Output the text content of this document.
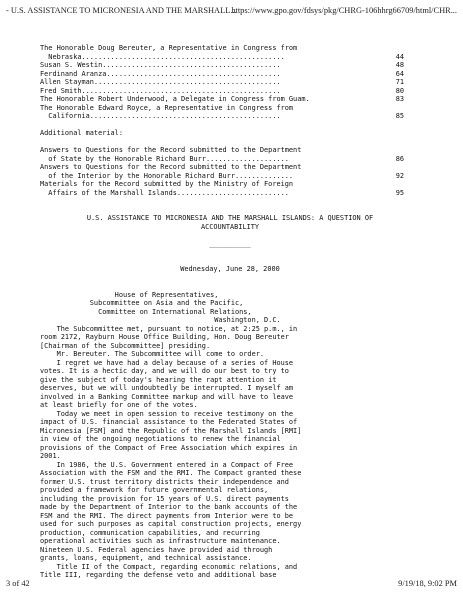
- U.S. ASSISTANCE TO MICRONESIA AND THE MARSHALL...
https://www.gpo.gov/fdsys/pkg/CHRG-106hhrg66709/html/CHR...
The Honorable Doug Bereuter, a Representative in Congress from
Nebraska.................................................	44
Susan S. Westin...........................................	48
Ferdinand Aranza..........................................	64
Allen Stayman.............................................	71
Fred Smith................................................	80
The Honorable Robert Underwood, a Delegate in Congress from Guam.	83
The Honorable Edward Royce, a Representative in Congress from
California..............................................	85
Additional material:
Answers to Questions for the Record submitted to the Department
of State by the Honorable Richard Burr....................	86
Answers to Questions for the Record submitted to the Department
of the Interior by the Honorable Richard Burr..............	92
Materials for the Record submitted by the Ministry of Foreign
Affairs of the Marshall Islands...........................	95
U.S. ASSISTANCE TO MICRONESIA AND THE MARSHALL ISLANDS: A QUESTION OF
ACCOUNTABILITY
__________
Wednesday, June 28, 2000
House of Representatives,
Subcommittee on Asia and the Pacific,
Committee on International Relations,
Washington, D.C.
The Subcommittee met, pursuant to notice, at 2:25 p.m., in
room 2172, Rayburn House Office Building, Hon. Doug Bereuter
[Chairman of the Subcommittee] presiding.
Mr. Bereuter. The Subcommittee will come to order.
I regret we have had a delay because of a series of House
votes. It is a hectic day, and we will do our best to try to
give the subject of today's hearing the rapt attention it
deserves, but we will undoubtedly be interrupted. I myself am
involved in a Banking Committee markup and will have to leave
at least briefly for one of the votes.
Today we meet in open session to receive testimony on the
impact of U.S. financial assistance to the Federated States of
Micronesia [FSM] and the Republic of the Marshall Islands [RMI]
in view of the ongoing negotiations to renew the financial
provisions of the Compact of Free Association which expires in
2001.
In 1986, the U.S. Government entered in a Compact of Free
Association with the FSM and the RMI. The Compact granted these
former U.S. trust territory districts their independence and
provided a framework for future governmental relations,
including the provision for 15 years of U.S. direct payments
made by the Department of Interior to the bank accounts of the
FSM and the RMI. The direct payments from Interior were to be
used for such purposes as capital construction projects, energy
production, communication capabilities, and recurring
operational activities such as infrastructure maintenance.
Nineteen U.S. Federal agencies have provided aid through
grants, loans, equipment, and technical assistance.
Title II of the Compact, regarding economic relations, and
Title III, regarding the defense veto and additional base
3 of 42	9/19/18, 9:02 PM
